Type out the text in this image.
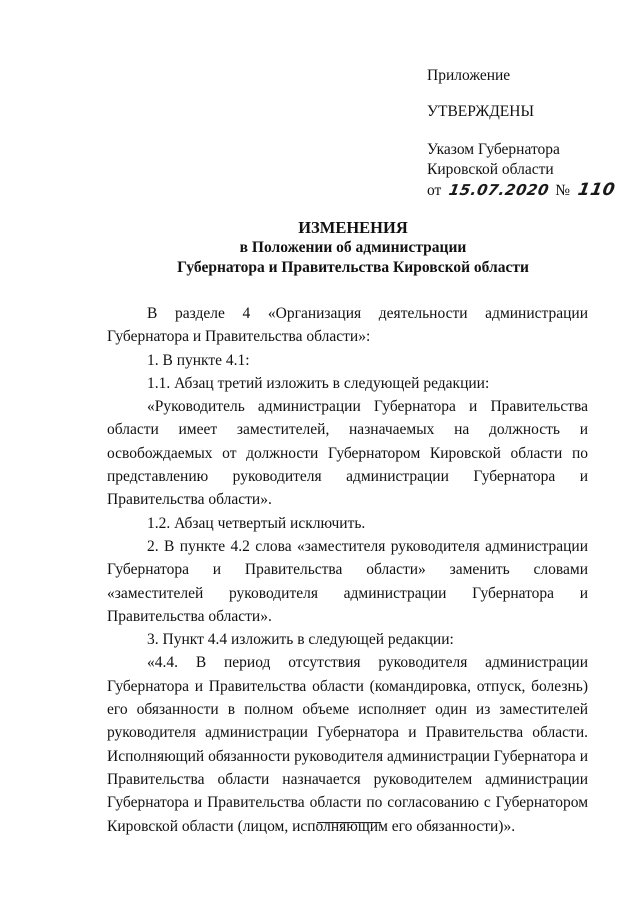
Приложение

УТВЕРЖДЕНЫ

Указом Губернатора

Кировской области

от 15.07.2020 № 110

ИЗМЕНЕНИЯ

в Положении об администрации

Губернатора и Правительства Кировской области

В разделе 4 «Организация деятельности администрации Губернатора и Правительства области»:

1. В пункте 4.1:

1.1. Абзац третий изложить в следующей редакции:

«Руководитель администрации Губернатора и Правительства области имеет заместителей, назначаемых на должность и освобождаемых от должности Губернатором Кировской области по представлению руководителя администрации Губернатора и Правительства области».

1.2. Абзац четвертый исключить.

2. В пункте 4.2 слова «заместителя руководителя администрации Губернатора и Правительства области» заменить словами «заместителей руководителя администрации Губернатора и Правительства области».

3. Пункт 4.4 изложить в следующей редакции:

«4.4. В период отсутствия руководителя администрации Губернатора и Правительства области (командировка, отпуск, болезнь) его обязанности в полном объеме исполняет один из заместителей руководителя администрации Губернатора и Правительства области. Исполняющий обязанности руководителя администрации Губернатора и Правительства области назначается руководителем администрации Губернатора и Правительства области по согласованию с Губернатором Кировской области (лицом, исполняющим его обязанности)».
